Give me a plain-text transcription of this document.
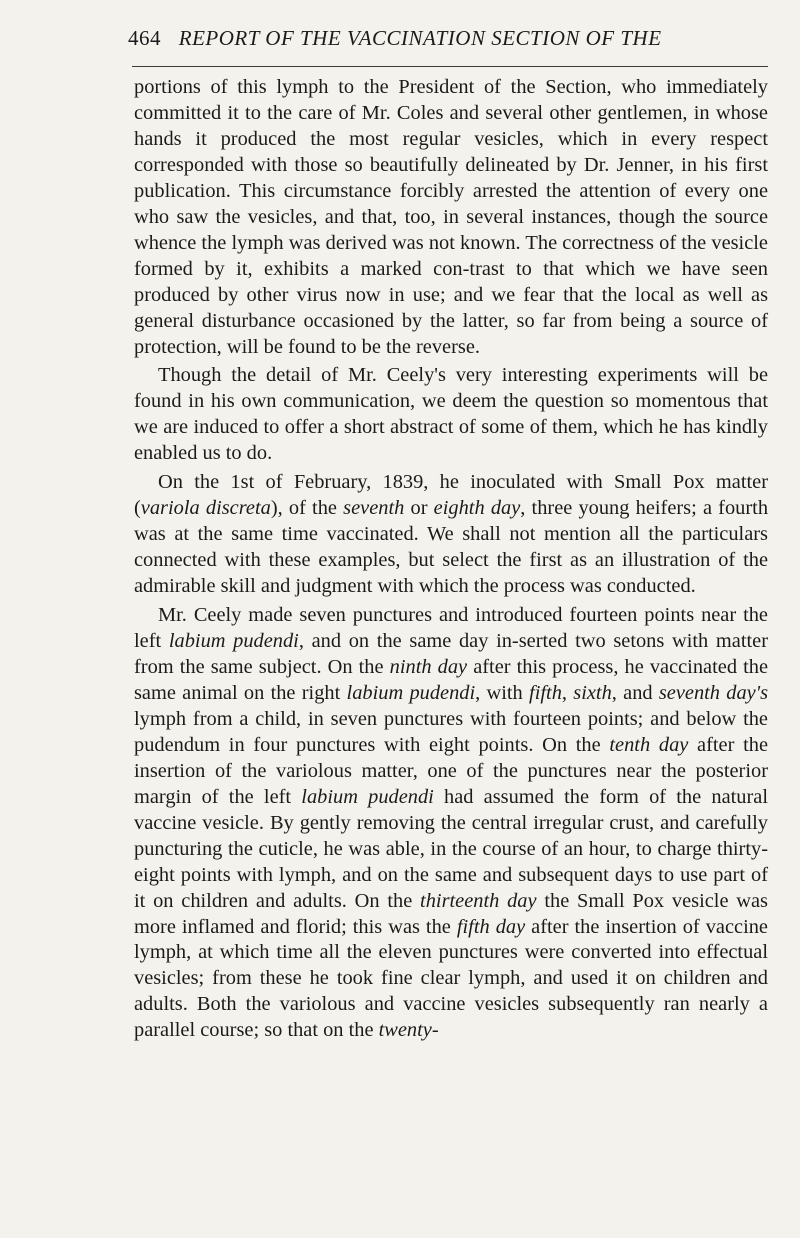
464 REPORT OF THE VACCINATION SECTION OF THE

portions of this lymph to the President of the Section, who immediately committed it to the care of Mr. Coles and several other gentlemen, in whose hands it produced the most regular vesicles, which in every respect corresponded with those so beautifully delineated by Dr. Jenner, in his first publication. This circumstance forcibly arrested the attention of every one who saw the vesicles, and that, too, in several instances, though the source whence the lymph was derived was not known. The correctness of the vesicle formed by it, exhibits a marked con-trast to that which we have seen produced by other virus now in use; and we fear that the local as well as general disturbance occasioned by the latter, so far from being a source of protection, will be found to be the reverse.

Though the detail of Mr. Ceely's very interesting experiments will be found in his own communication, we deem the question so momentous that we are induced to offer a short abstract of some of them, which he has kindly enabled us to do.

On the 1st of February, 1839, he inoculated with Small Pox matter (variola discreta), of the seventh or eighth day, three young heifers; a fourth was at the same time vaccinated. We shall not mention all the particulars connected with these examples, but select the first as an illustration of the admirable skill and judgment with which the process was conducted.

Mr. Ceely made seven punctures and introduced fourteen points near the left labium pudendi, and on the same day in-serted two setons with matter from the same subject. On the ninth day after this process, he vaccinated the same animal on the right labium pudendi, with fifth, sixth, and seventh day's lymph from a child, in seven punctures with fourteen points; and below the pudendum in four punctures with eight points. On the tenth day after the insertion of the variolous matter, one of the punctures near the posterior margin of the left labium pudendi had assumed the form of the natural vaccine vesicle. By gently removing the central irregular crust, and carefully puncturing the cuticle, he was able, in the course of an hour, to charge thirty-eight points with lymph, and on the same and subsequent days to use part of it on children and adults. On the thirteenth day the Small Pox vesicle was more inflamed and florid; this was the fifth day after the insertion of vaccine lymph, at which time all the eleven punctures were converted into effectual vesicles; from these he took fine clear lymph, and used it on children and adults. Both the variolous and vaccine vesicles subsequently ran nearly a parallel course; so that on the twenty-
